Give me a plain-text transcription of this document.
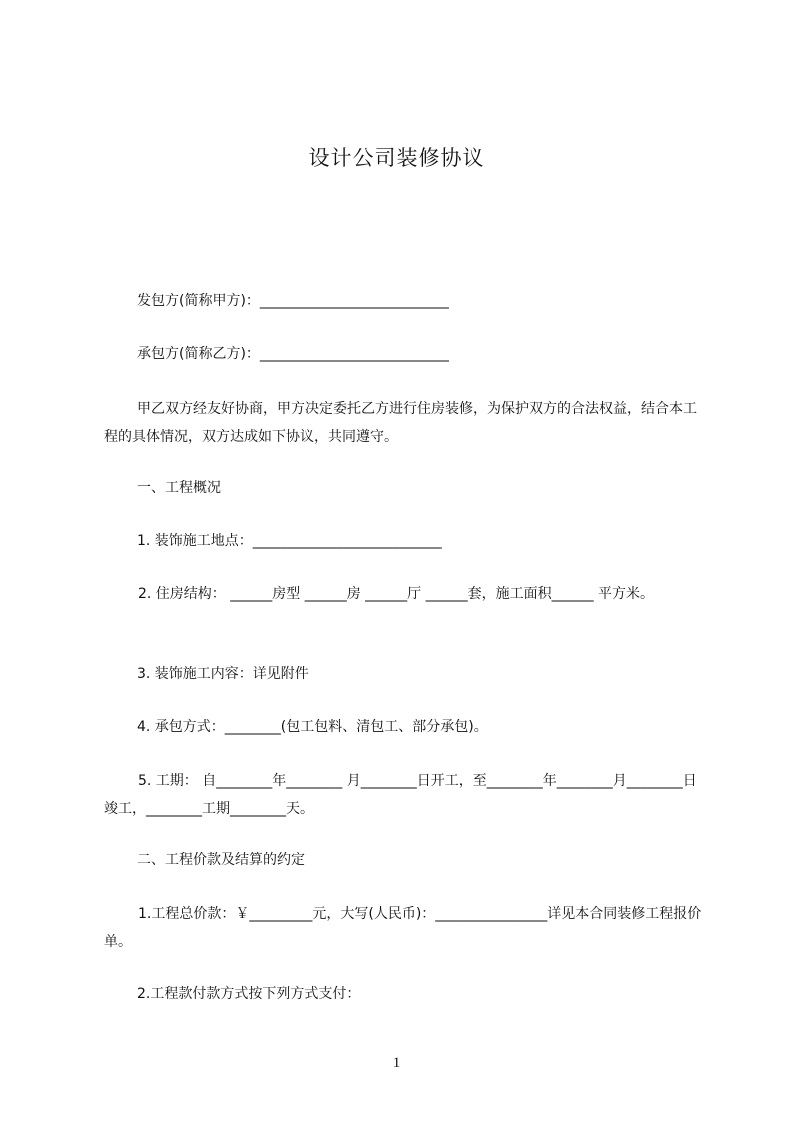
设计公司装修协议
发包方(简称甲方)：___________________________
承包方(简称乙方)：___________________________
甲乙双方经友好协商，甲方决定委托乙方进行住房装修，为保护双方的合法权益，结合本工程的具体情况，双方达成如下协议，共同遵守。
一、工程概况
1. 装饰施工地点：___________________________
2. 住房结构： ______房型 ______房 ______厅 ______套，施工面积______ 平方米。
3. 装饰施工内容：详见附件
4. 承包方式：________(包工包料、清包工、部分承包)。
5. 工期： 自________年________ 月________日开工，至________年________月________日竣工，________工期________天。
二、工程价款及结算的约定
1.工程总价款：￥_________元，大写(人民币)：________________详见本合同装修工程报价单。
2.工程款付款方式按下列方式支付：
1
